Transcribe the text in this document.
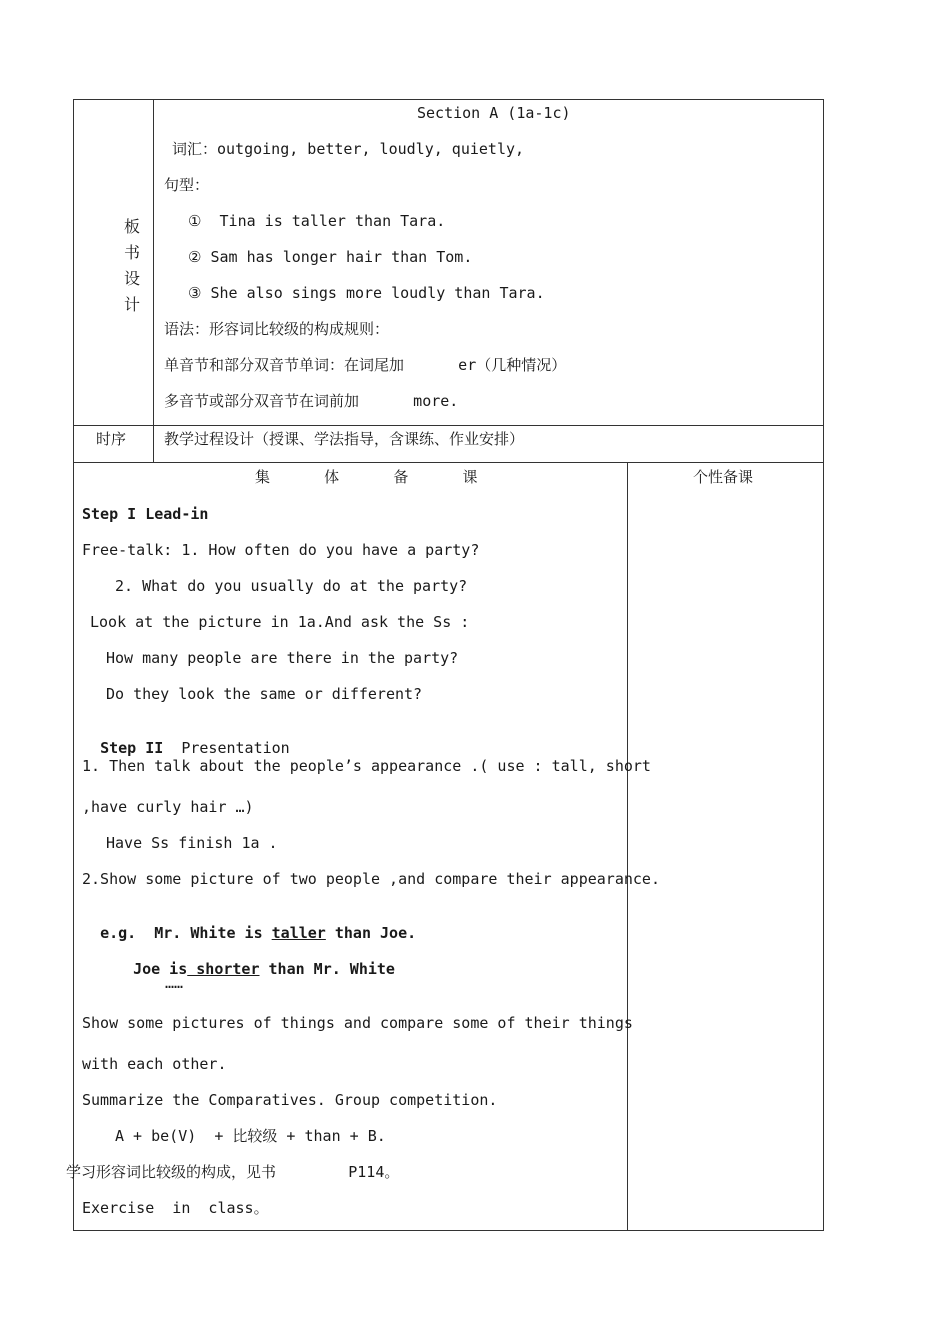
板
书
设
计
Section A (1a-1c)
词汇：outgoing, better, loudly, quietly,
句型：
①  Tina is taller than Tara.
② Sam has longer hair than Tom.
③ She also sings more loudly than Tara.
语法：形容词比较级的构成规则：
单音节和部分双音节单词：在词尾加      er（几种情况）
多音节或部分双音节在词前加      more.
时序	教学过程设计（授课、学法指导，含课练、作业安排）
集      体      备      课	个性备课
Step I Lead-in
Free-talk: 1. How often do you have a party?
2. What do you usually do at the party?
Look at the picture in 1a.And ask the Ss :
How many people are there in the party?
Do they look the same or different?

Step II Presentation

1. Then talk about the people’s appearance .( use : tall, short
,have curly hair …)
Have Ss finish 1a .
2.Show some picture of two people ,and compare their appearance.

e.g.  Mr. White is taller than Joe.

Joe is shorter than Mr. White

……
Show some pictures of things and compare some of their things
with each other.
Summarize the Comparatives. Group competition.
A + be(V)  + 比较级 + than + B.
学习形容词比较级的构成，见书        P114。
Exercise  in  class。
